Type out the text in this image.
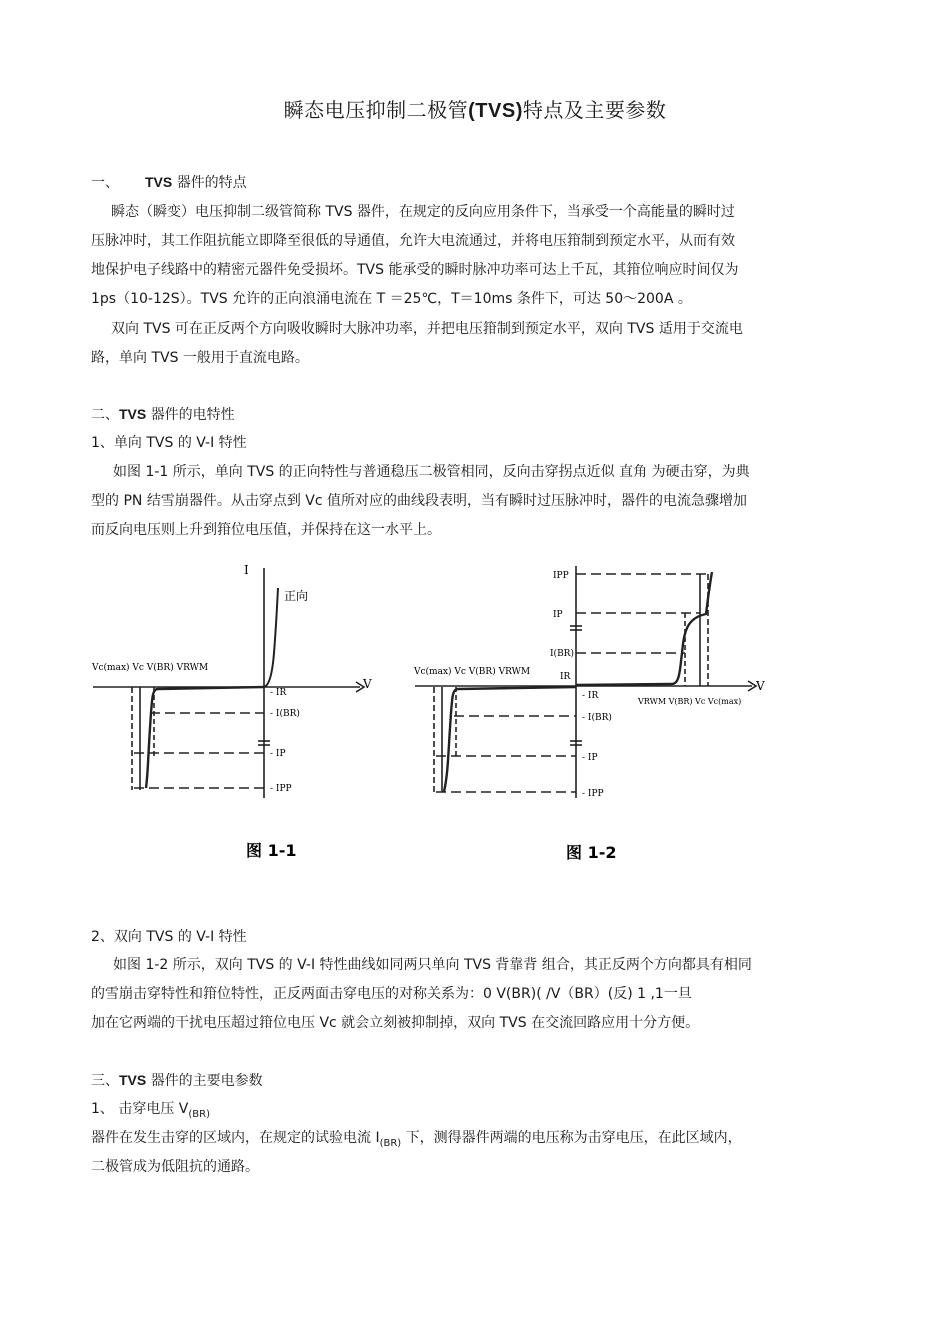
瞬态电压抑制二极管(TVS)特点及主要参数
一、 TVS 器件的特点
瞬态（瞬变）电压抑制二级管简称 TVS 器件，在规定的反向应用条件下，当承受一个高能量的瞬时过
压脉冲时，其工作阻抗能立即降至很低的导通值，允许大电流通过，并将电压箝制到预定水平，从而有效
地保护电子线路中的精密元器件免受损坏。TVS 能承受的瞬时脉冲功率可达上千瓦，其箝位响应时间仅为
1ps（10-12S）。TVS 允许的正向浪涌电流在 T ＝25℃，T＝10ms 条件下，可达 50～200A 。
双向 TVS 可在正反两个方向吸收瞬时大脉冲功率，并把电压箝制到预定水平，双向 TVS 适用于交流电
路，单向 TVS 一般用于直流电路。
二、TVS 器件的电特性
1、单向 TVS 的 V-I 特性
如图 1-1 所示，单向 TVS 的正向特性与普通稳压二极管相同，反向击穿拐点近似 直角 为硬击穿，为典
型的 PN 结雪崩器件。从击穿点到 Vc 值所对应的曲线段表明，当有瞬时过压脉冲时，器件的电流急骤增加
而反向电压则上升到箝位电压值，并保持在这一水平上。
I
V
正向
Vc(max) Vc V(BR) VRWM
- IR
- I(BR)
- IP
- IPP
图 1-1
IPP
IP
I(BR)
IR
V
Vc(max) Vc V(BR) VRWM
VRWM V(BR) Vc Vc(max)
- IR
- I(BR)
- IP
- IPP
图 1-2
2、双向 TVS 的 V-I 特性
如图 1-2 所示，双向 TVS 的 V-I 特性曲线如同两只单向 TVS 背靠背 组合，其正反两个方向都具有相同
的雪崩击穿特性和箝位特性，正反两面击穿电压的对称关系为：0 V(BR)( /V（BR）(反) 1 ,1一旦
加在它两端的干扰电压超过箝位电压 Vc 就会立刻被抑制掉，双向 TVS 在交流回路应用十分方便。
三、TVS 器件的主要电参数
1、 击穿电压 $V_{(BR)}$
器件在发生击穿的区域内，在规定的试验电流 $I_{(BR)}$ 下，测得器件两端的电压称为击穿电压，在此区域内，
二极管成为低阻抗的通路。
